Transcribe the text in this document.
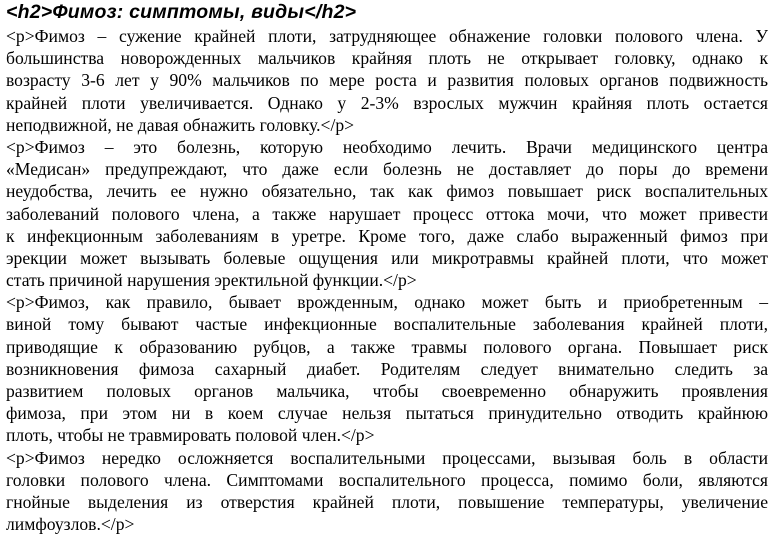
<h2>Фимоз: симптомы, виды</h2>
<p>Фимоз – сужение крайней плоти, затрудняющее обнажение головки полового члена. У
большинства новорожденных мальчиков крайняя плоть не открывает головку, однако к
возрасту 3-6 лет у 90% мальчиков по мере роста и развития половых органов подвижность
крайней плоти увеличивается. Однако у 2-3% взрослых мужчин крайняя плоть остается
неподвижной, не давая обнажить головку.</p>
<p>Фимоз – это болезнь, которую необходимо лечить. Врачи медицинского центра
«Медисан» предупреждают, что даже если болезнь не доставляет до поры до времени
неудобства, лечить ее нужно обязательно, так как фимоз повышает риск воспалительных
заболеваний полового члена, а также нарушает процесс оттока мочи, что может привести
к инфекционным заболеваниям в уретре. Кроме того, даже слабо выраженный фимоз при
эрекции может вызывать болевые ощущения или микротравмы крайней плоти, что может
стать причиной нарушения эректильной функции.</p>
<p>Фимоз, как правило, бывает врожденным, однако может быть и приобретенным –
виной тому бывают частые инфекционные воспалительные заболевания крайней плоти,
приводящие к образованию рубцов, а также травмы полового органа. Повышает риск
возникновения фимоза сахарный диабет. Родителям следует внимательно следить за
развитием половых органов мальчика, чтобы своевременно обнаружить проявления
фимоза, при этом ни в коем случае нельзя пытаться принудительно отводить крайнюю
плоть, чтобы не травмировать половой член.</p>
<p>Фимоз нередко осложняется воспалительными процессами, вызывая боль в области
головки полового члена. Симптомами воспалительного процесса, помимо боли, являются
гнойные выделения из отверстия крайней плоти, повышение температуры, увеличение
лимфоузлов.</p>
